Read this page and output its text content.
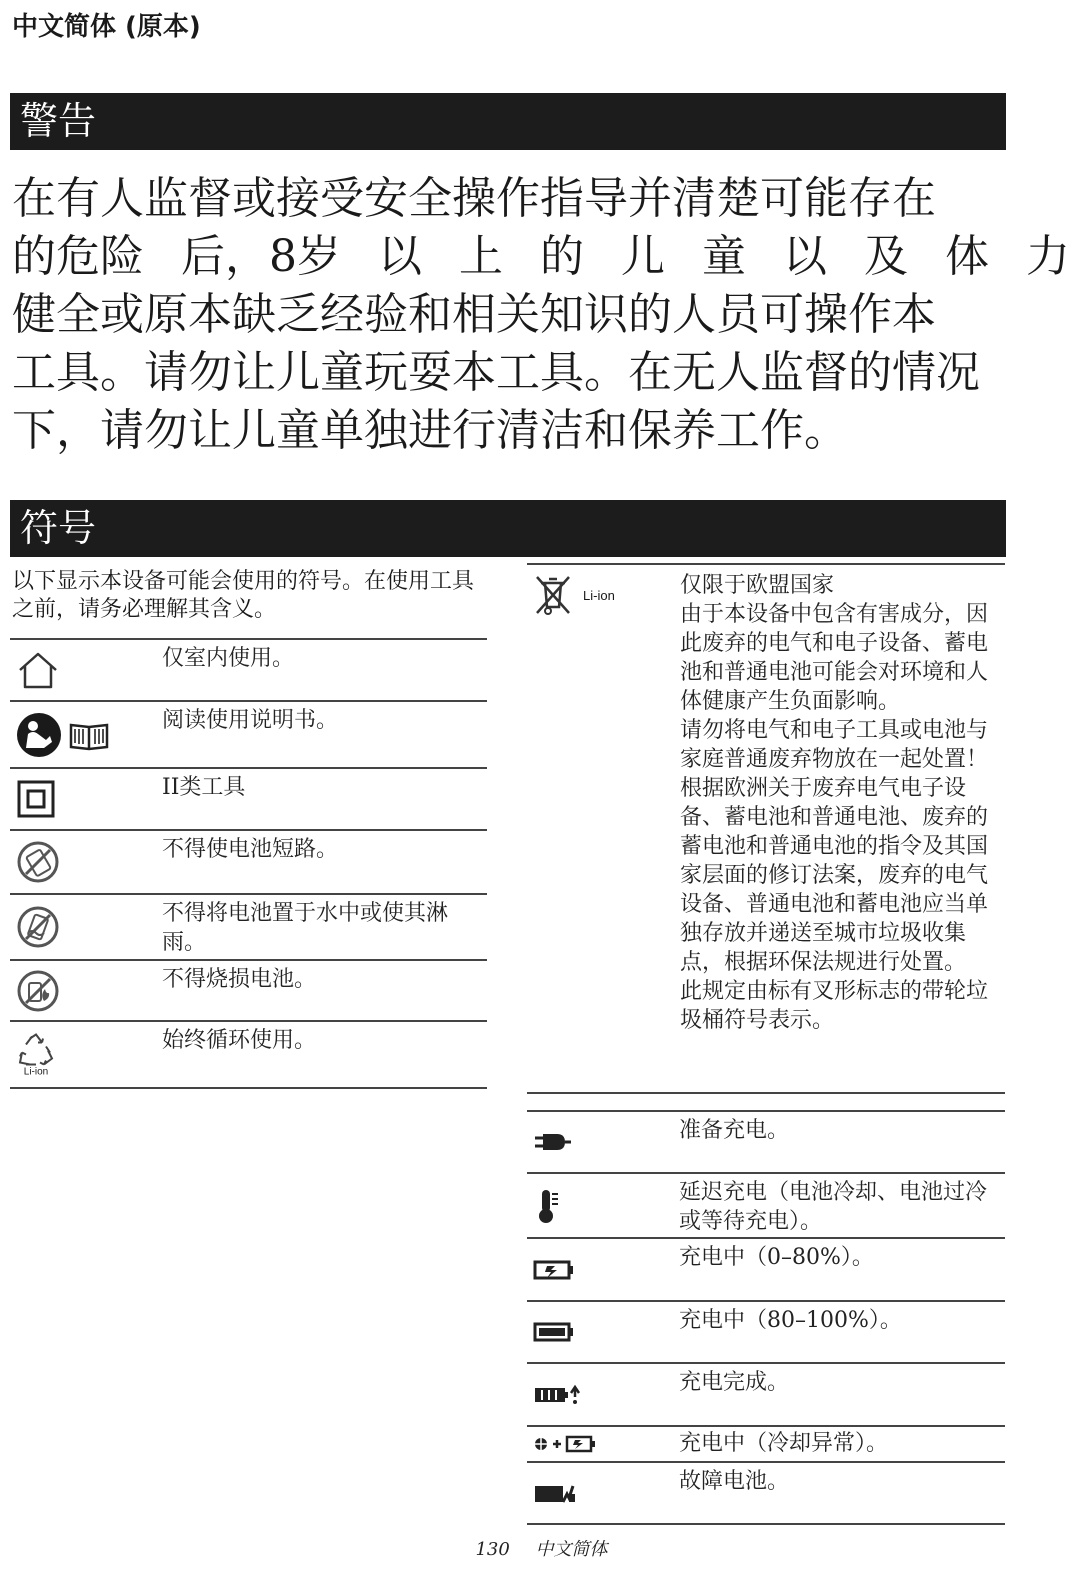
中文简体 (原本)
警告
在有人监督或接受安全操作指导并清楚可能存在
的危险 后，8岁 以 上 的 儿 童 以 及 体 力
健全或原本缺乏经验和相关知识的人员可操作本
工具。请勿让儿童玩耍本工具。在无人监督的情况
下，请勿让儿童单独进行清洁和保养工作。
符号
以下显示本设备可能会使用的符号。在使用工具之前，请务必理解其含义。
仅室内使用。
阅读使用说明书。
II类工具
不得使电池短路。
不得将电池置于水中或使其淋雨。
不得烧损电池。
Li-ion
始终循环使用。
Li-ion	仅限于欧盟国家

由于本设备中包含有害成分，因此废弃的电气和电子设备、蓄电池和普通电池可能会对环境和人体健康产生负面影响。

请勿将电气和电子工具或电池与家庭普通废弃物放在一起处置！

根据欧洲关于废弃电气电子设备、蓄电池和普通电池、废弃的蓄电池和普通电池的指令及其国家层面的修订法案，废弃的电气设备、普通电池和蓄电池应当单独存放并递送至城市垃圾收集点，根据环保法规进行处置。

此规定由标有叉形标志的带轮垃圾桶符号表示。

准备充电。
延迟充电（电池冷却、电池过冷或等待充电）。
充电中（0–80%）。
充电中（80–100%）。
充电完成。
充电中（冷却异常）。
故障电池。
130 中文简体
